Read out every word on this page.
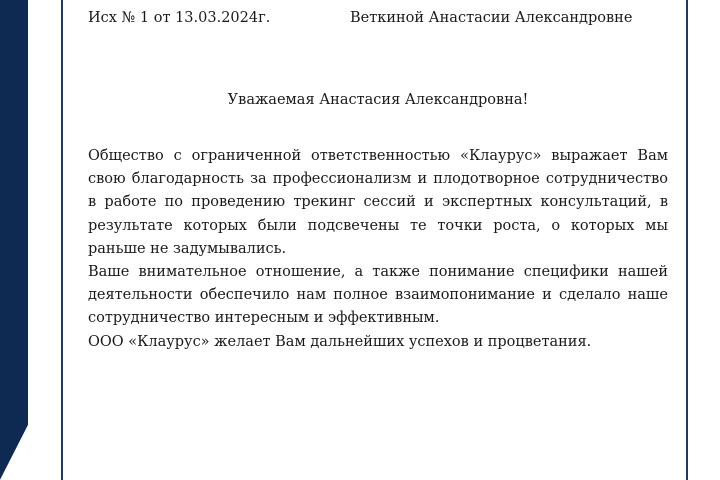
Исх № 1 от 13.03.2024г.	Веткиной Анастасии Александровне
Уважаемая Анастасия Александровна!

Общество с ограниченной ответственностью «Клаурус» выражает Вам свою благодарность за профессионализм и плодотворное сотрудничество в работе по проведению трекинг сессий и экспертных консультаций, в результате которых были подсвечены те точки роста, о которых мы раньше не задумывались.

Ваше внимательное отношение, а также понимание специфики нашей деятельности обеспечило нам полное взаимопонимание и сделало наше сотрудничество интересным и эффективным.

ООО «Клаурус» желает Вам дальнейших успехов и процветания.
